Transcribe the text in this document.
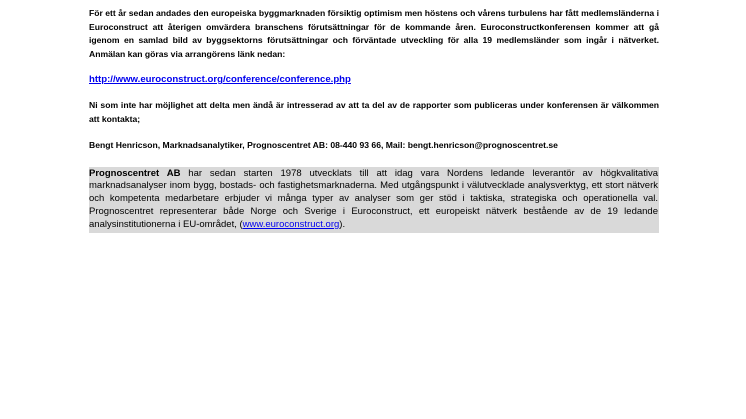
För ett år sedan andades den europeiska byggmarknaden försiktig optimism men höstens och vårens turbulens har fått medlemsländerna i Euroconstruct att återigen omvärdera branschens förutsättningar för de kommande åren. Euroconstructkonferensen kommer att gå igenom en samlad bild av byggsektorns förutsättningar och förväntade utveckling för alla 19 medlemsländer som ingår i nätverket. Anmälan kan göras via arrangörens länk nedan:

http://www.euroconstruct.org/conference/conference.php

Ni som inte har möjlighet att delta men ändå är intresserad av att ta del av de rapporter som publiceras under konferensen är välkommen att kontakta;

Bengt Henricson, Marknadsanalytiker, Prognoscentret AB: 08-440 93 66, Mail: bengt.henricson@prognoscentret.se

Prognoscentret AB har sedan starten 1978 utvecklats till att idag vara Nordens ledande leverantör av högkvalitativa marknadsanalyser inom bygg, bostads- och fastighetsmarknaderna. Med utgångspunkt i välutvecklade analysverktyg, ett stort nätverk och kompetenta medarbetare erbjuder vi många typer av analyser som ger stöd i taktiska, strategiska och operationella val. Prognoscentret representerar både Norge och Sverige i Euroconstruct, ett europeiskt nätverk bestående av de 19 ledande analysinstitutionerna i EU-området, (www.euroconstruct.org).
